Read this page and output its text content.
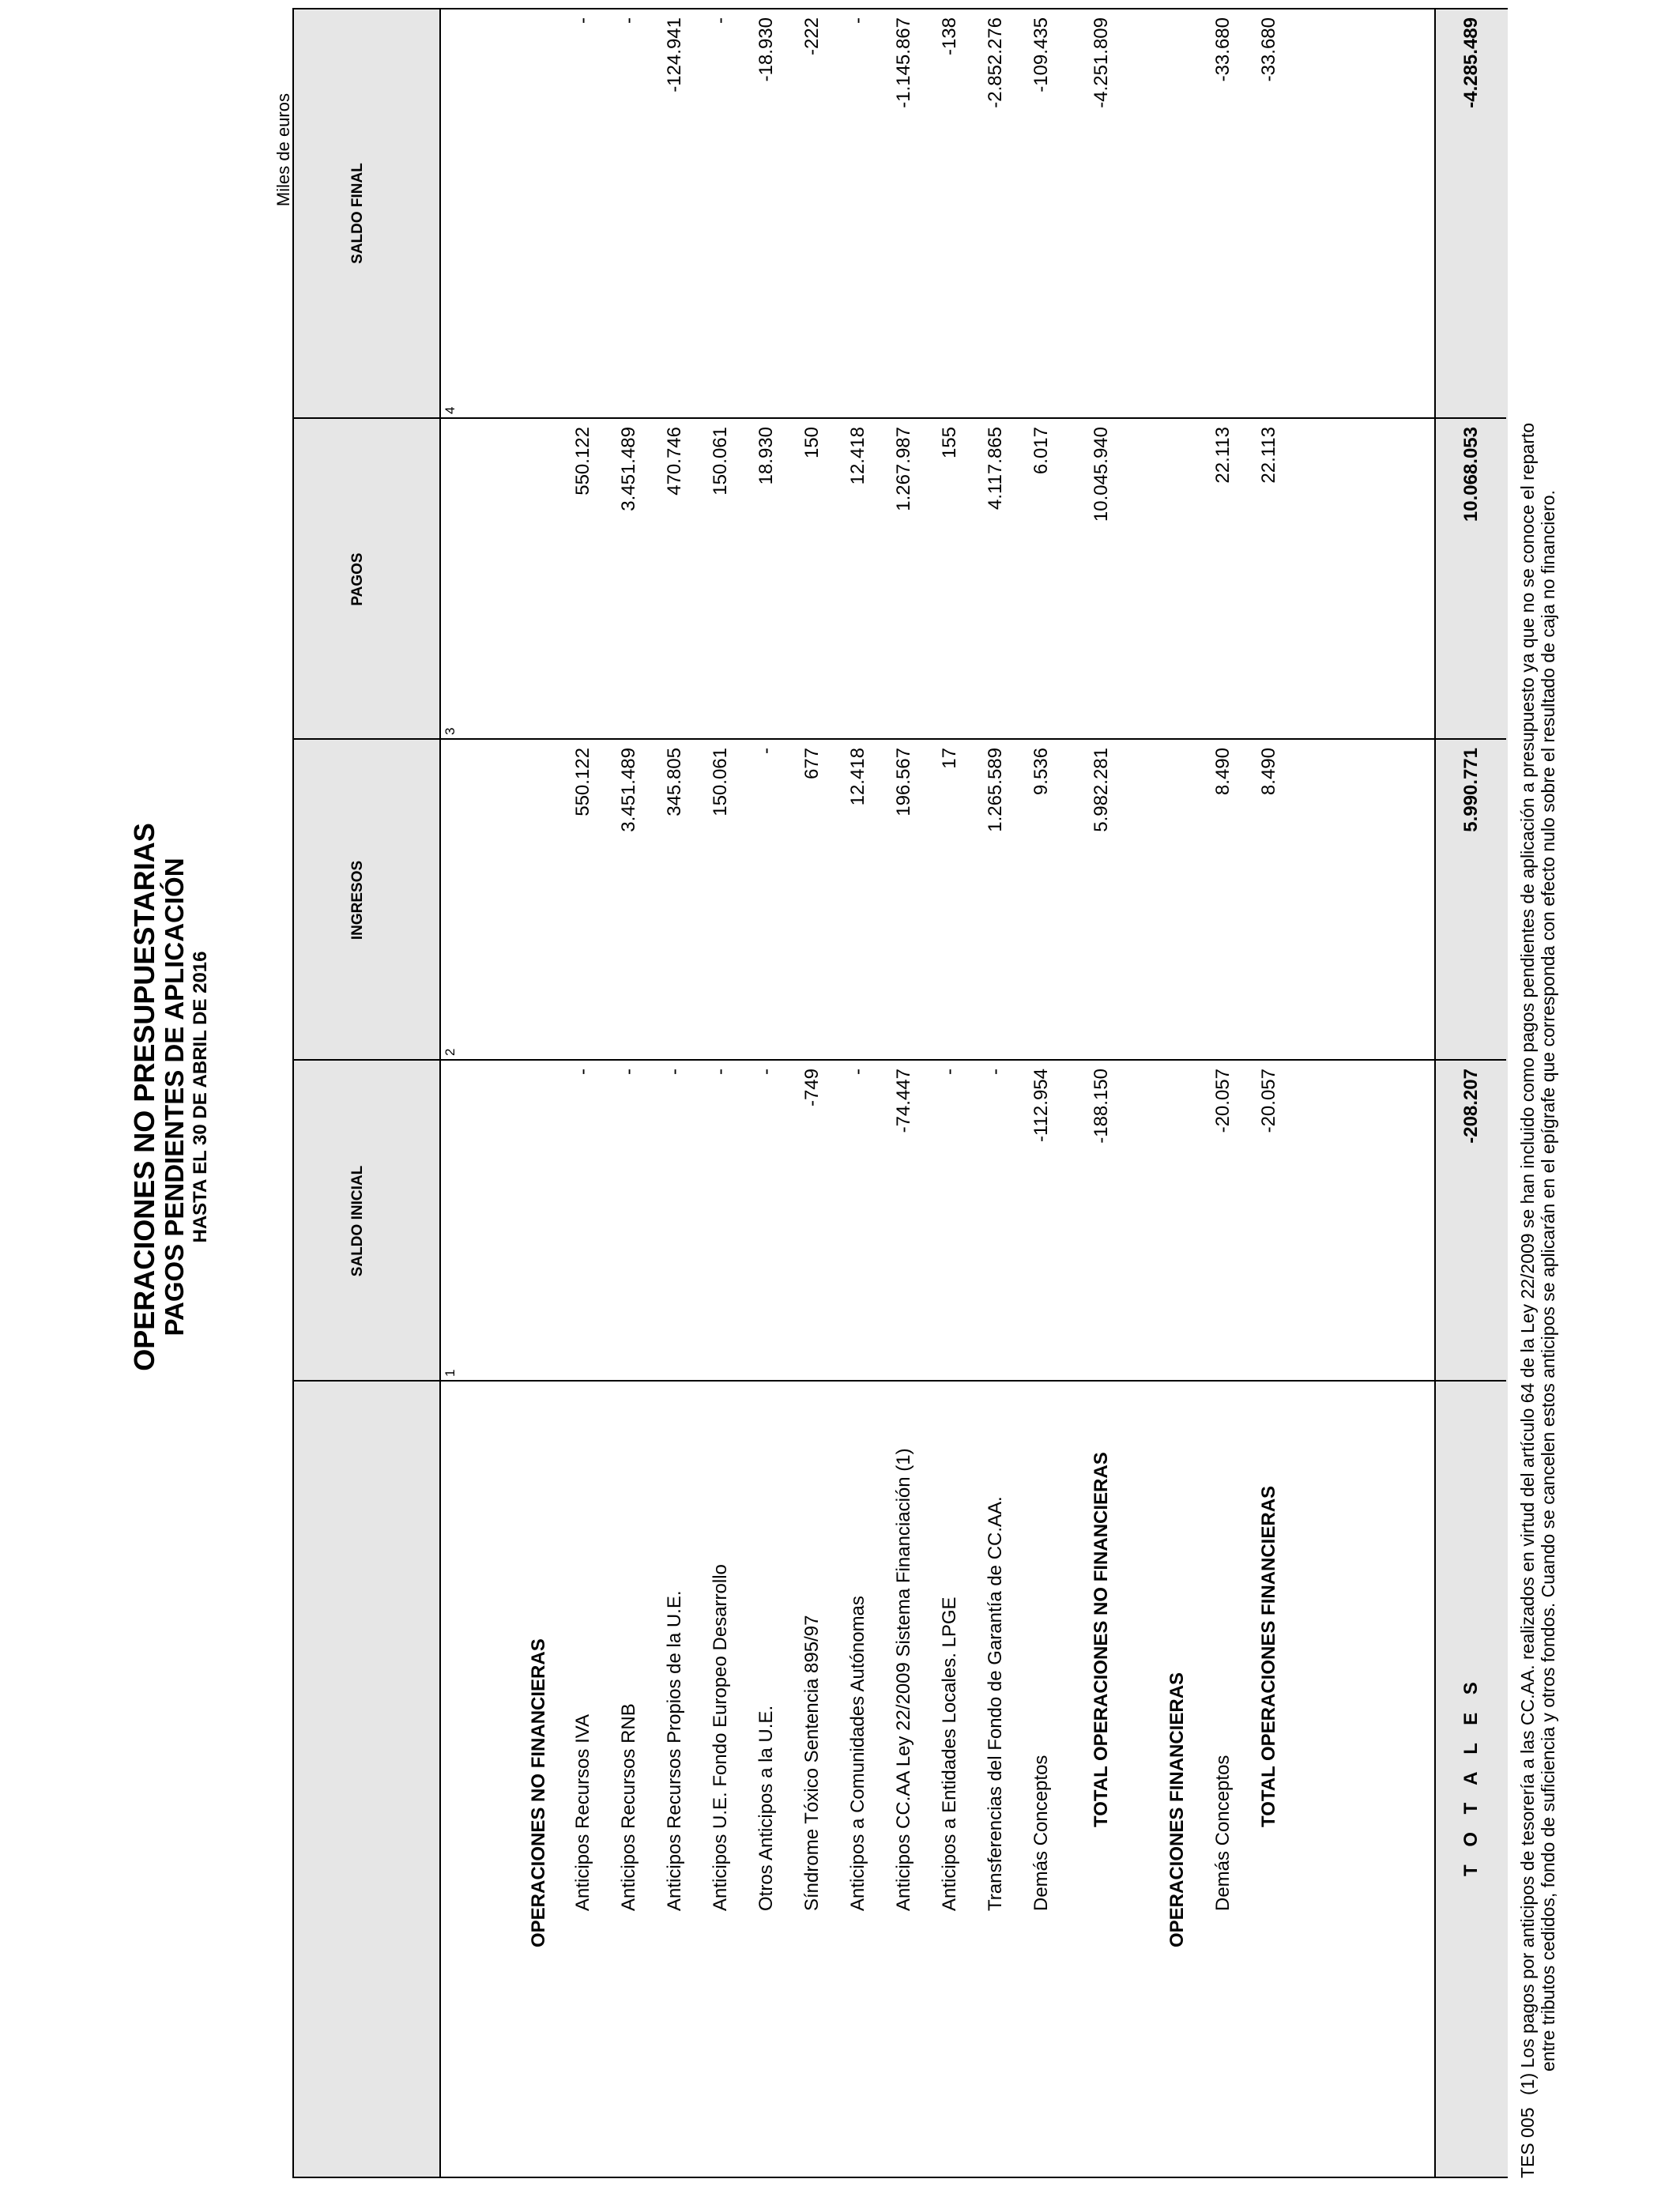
OPERACIONES NO PRESUPUESTARIAS PAGOS PENDIENTES DE APLICACIÓN HASTA EL 30 DE ABRIL DE 2016
Miles de euros
SALDO INICIAL
INGRESOS
PAGOS
SALDO FINAL
1
2
3
4
OPERACIONES NO FINANCIERAS Anticipos Recursos IVA
-
550.122
550.122
-
Anticipos Recursos RNB
-
3.451.489
3.451.489
-
Anticipos Recursos Propios de la U.E.
-
345.805
470.746
-124.941
Anticipos U.E. Fondo Europeo Desarrollo
-
150.061
150.061
-
Otros Anticipos a la U.E.
-
-
18.930
-18.930
Síndrome Tóxico Sentencia 895/97
-749
677
150
-222
Anticipos a Comunidades Autónomas
-
12.418
12.418
-
Anticipos CC.AA Ley 22/2009 Sistema Financiación (1)
-74.447
196.567
1.267.987
-1.145.867
Anticipos a Entidades Locales. LPGE
-
17
155
-138
Transferencias del Fondo de Garantía de CC.AA.
-
1.265.589
4.117.865
-2.852.276
Demás Conceptos
-112.954
9.536
6.017
-109.435
TOTAL OPERACIONES NO FINANCIERAS
-188.150
5.982.281
10.045.940
-4.251.809
OPERACIONES FINANCIERAS Demás Conceptos
-20.057
8.490
22.113
-33.680
TOTAL OPERACIONES FINANCIERAS
-20.057
8.490
22.113
-33.680
T O T A L E S
-208.207
5.990.771
10.068.053
-4.285.489
TES 005
(1) Los pagos por anticipos de tesorería a las CC.AA. realizados en virtud del artículo 64 de la Ley 22/2009 se han incluido como pagos pendientes de aplicación a presupuesto ya que no se conoce el reparto entre tributos cedidos, fondo de suficiencia y otros fondos. Cuando se cancelen estos anticipos se aplicarán en el epígrafe que corresponda con efecto nulo sobre el resultado de caja no financiero.
